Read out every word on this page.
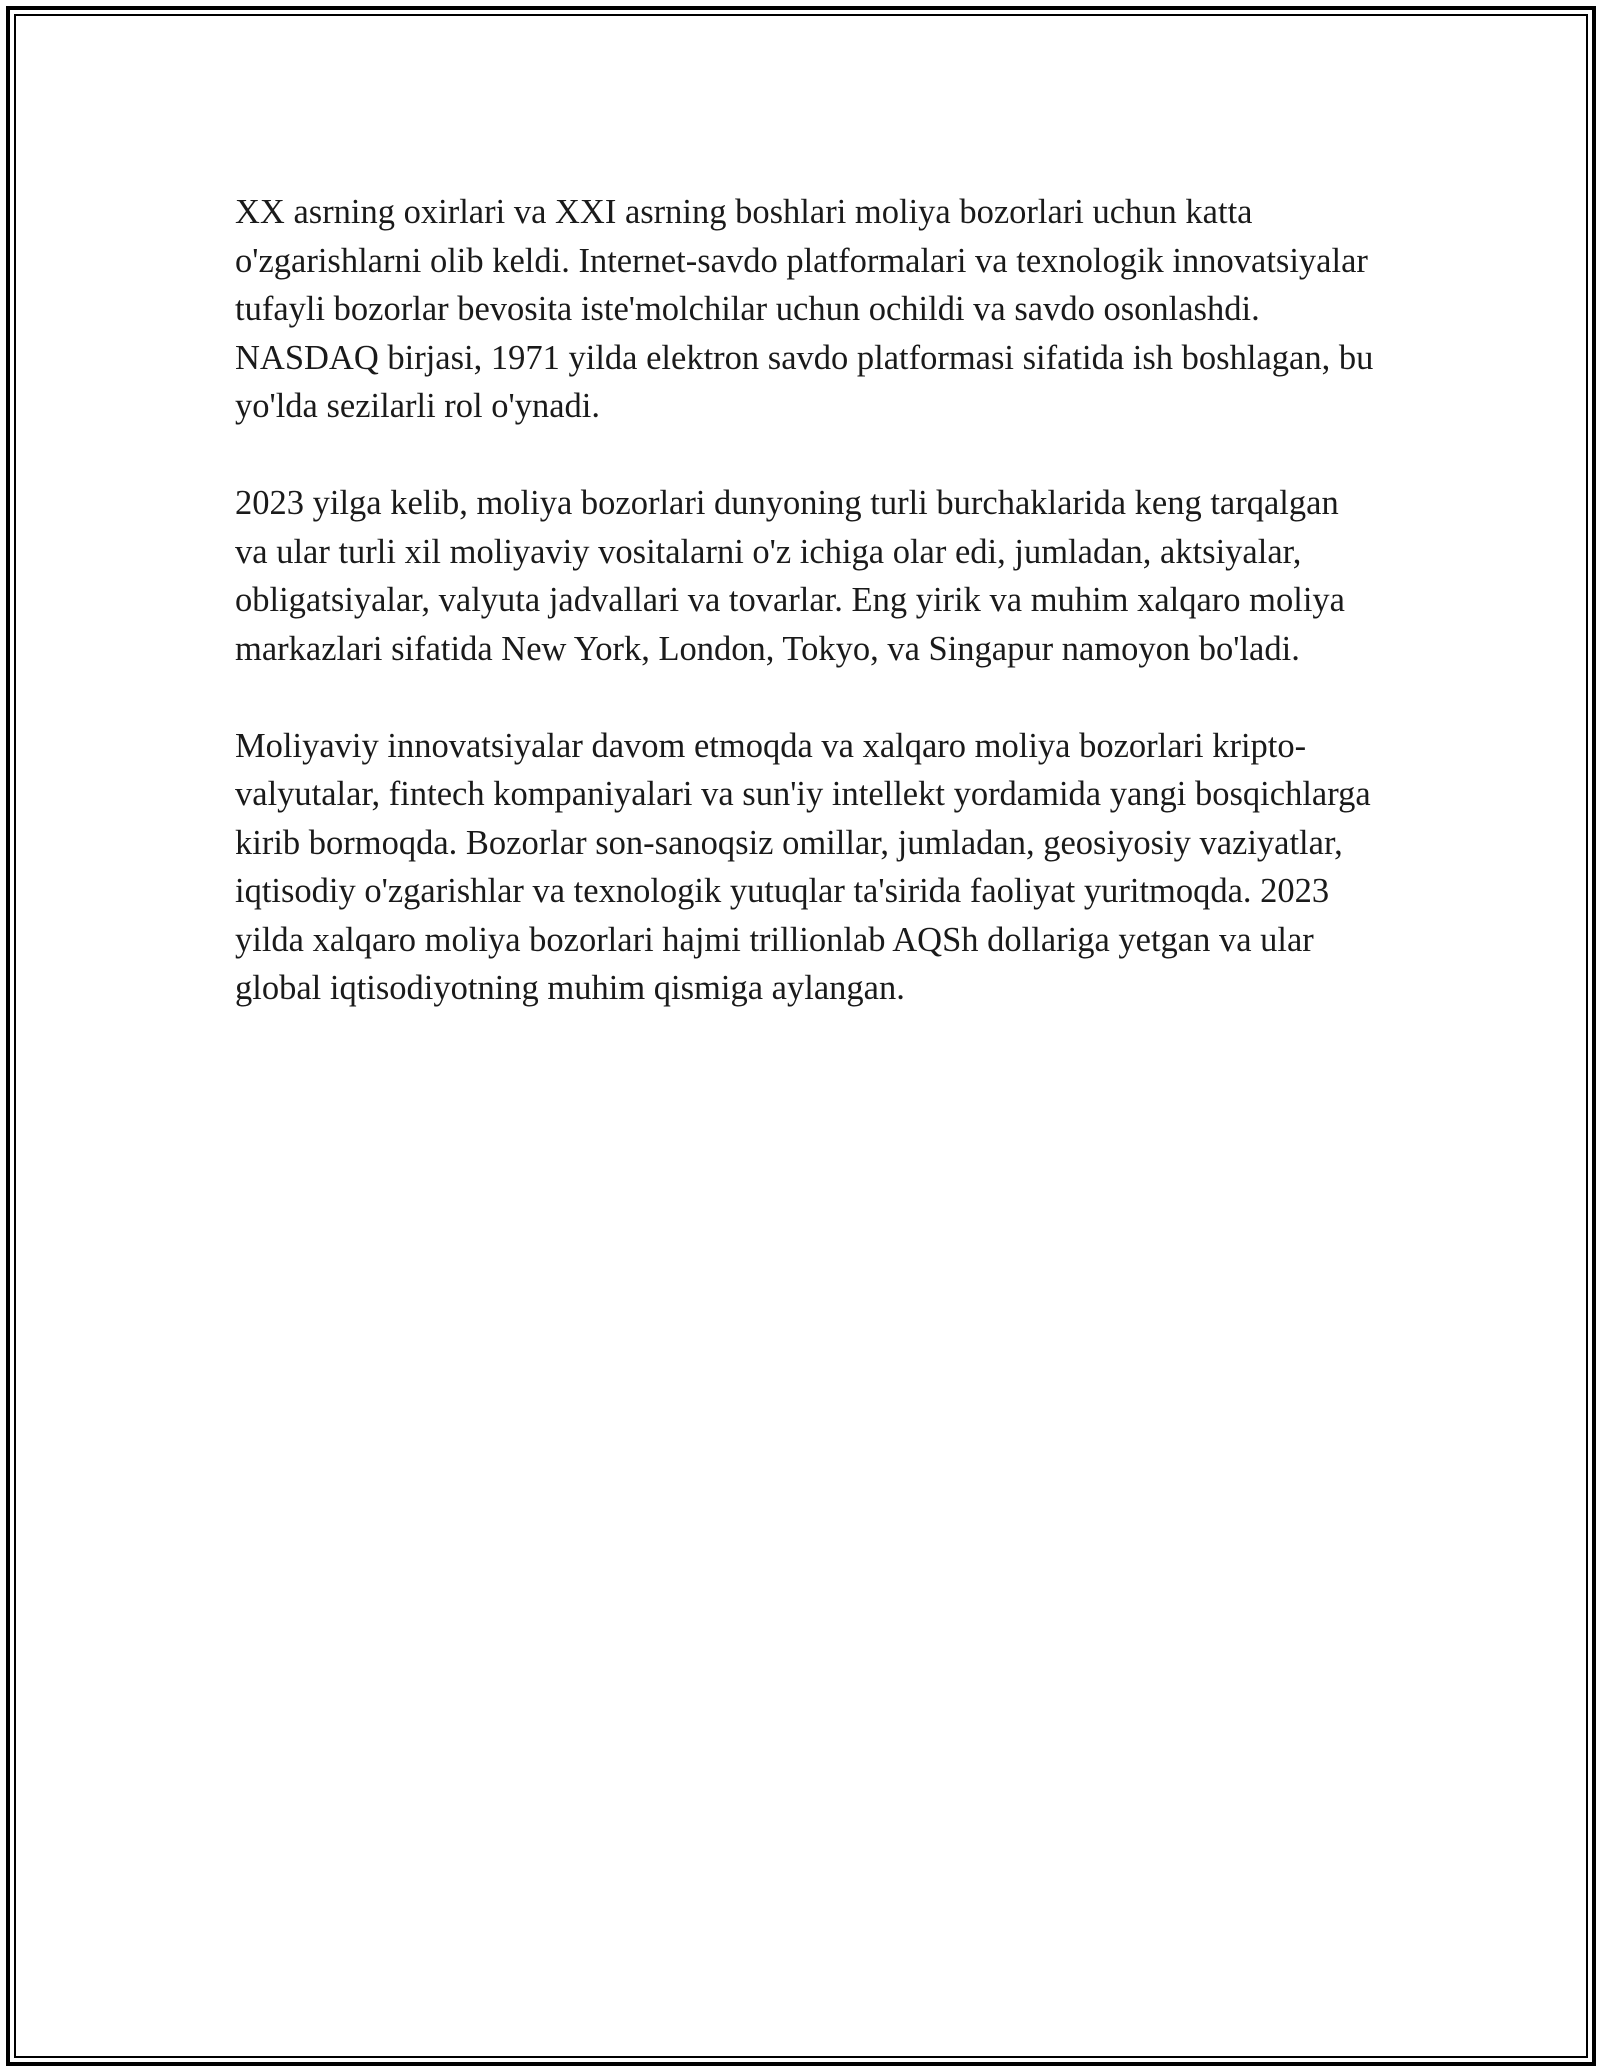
XX asrning oxirlari va XXI asrning boshlari moliya bozorlari uchun katta o'zgarishlarni olib keldi. Internet-savdo platformalari va texnologik innovatsiyalar tufayli bozorlar bevosita iste'molchilar uchun ochildi va savdo osonlashdi. NASDAQ birjasi, 1971 yilda elektron savdo platformasi sifatida ish boshlagan, bu yo'lda sezilarli rol o'ynadi.

2023 yilga kelib, moliya bozorlari dunyoning turli burchaklarida keng tarqalgan va ular turli xil moliyaviy vositalarni o'z ichiga olar edi, jumladan, aktsiyalar, obligatsiyalar, valyuta jadvallari va tovarlar. Eng yirik va muhim xalqaro moliya markazlari sifatida New York, London, Tokyo, va Singapur namoyon bo'ladi.

Moliyaviy innovatsiyalar davom etmoqda va xalqaro moliya bozorlari kripto-valyutalar, fintech kompaniyalari va sun'iy intellekt yordamida yangi bosqichlarga kirib bormoqda. Bozorlar son-sanoqsiz omillar, jumladan, geosiyosiy vaziyatlar, iqtisodiy o'zgarishlar va texnologik yutuqlar ta'sirida faoliyat yuritmoqda. 2023 yilda xalqaro moliya bozorlari hajmi trillionlab AQSh dollariga yetgan va ular global iqtisodiyotning muhim qismiga aylangan.
